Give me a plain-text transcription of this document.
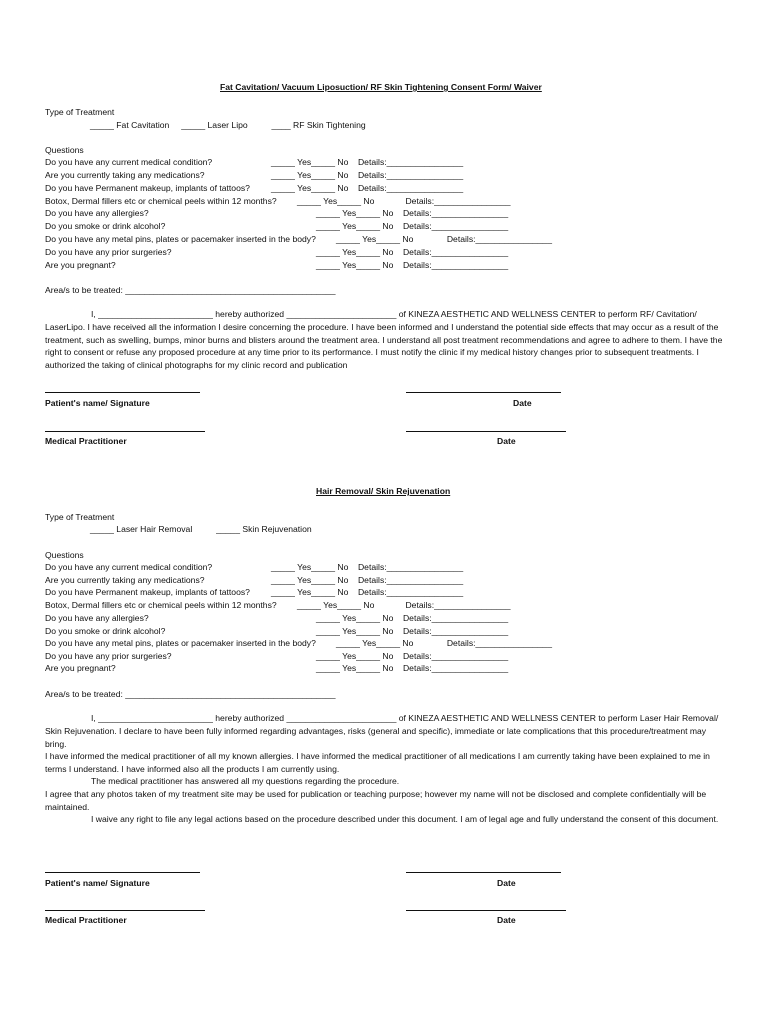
Fat Cavitation/ Vacuum Liposuction/ RF Skin Tightening Consent Form/ Waiver
Type of Treatment
_____ Fat Cavitation     _____ Laser Lipo          ____ RF Skin Tightening
Questions
Do you have any current medical condition?	_____ Yes_____ No    Details:________________
Are you currently taking any medications?	_____ Yes_____ No    Details:________________
Do you have Permanent makeup, implants of tattoos? _____ Yes_____ No    Details:________________
Botox, Dermal fillers etc or chemical peels within 12 months? _____ Yes_____ No             Details:________________
Do you have any allergies?	_____ Yes_____ No    Details:________________
Do you smoke or drink alcohol?	_____ Yes_____ No    Details:________________
Do you have any metal pins, plates or pacemaker inserted in the body? _____ Yes_____ No              Details:________________
Do you have any prior surgeries?	_____ Yes_____ No    Details:________________
Are you pregnant?	_____ Yes_____ No    Details:________________
Area/s to be treated: ____________________________________________
I, ________________________ hereby authorized _______________________ of KINEZA AESTHETIC AND WELLNESS CENTER to perform RF/ Cavitation/ LaserLipo. I have received all the information I desire concerning the procedure. I have been informed and I understand the potential side effects that may occur as a result of the treatment, such as swelling, bumps, minor burns and blisters around the treatment area. I understand all post treatment recommendations and agree to adhere to them. I have the right to consent or refuse any proposed procedure at any time prior to its performance. I must notify the clinic if my medical history changes prior to subsequent treatments. I authorized the taking of clinical photographs for my clinic record and publication
Patient's name/ Signature	Date
Medical Practitioner	Date
Hair Removal/ Skin Rejuvenation
Type of Treatment
_____ Laser Hair Removal          _____ Skin Rejuvenation
Questions
Do you have any current medical condition?	_____ Yes_____ No    Details:________________
Are you currently taking any medications?	_____ Yes_____ No    Details:________________
Do you have Permanent makeup, implants of tattoos? _____ Yes_____ No    Details:________________
Botox, Dermal fillers etc or chemical peels within 12 months? _____ Yes_____ No             Details:________________
Do you have any allergies?	_____ Yes_____ No    Details:________________
Do you smoke or drink alcohol?	_____ Yes_____ No    Details:________________
Do you have any metal pins, plates or pacemaker inserted in the body? _____ Yes_____ No              Details:________________
Do you have any prior surgeries?	_____ Yes_____ No    Details:________________
Are you pregnant?	_____ Yes_____ No    Details:________________
Area/s to be treated: ____________________________________________
I, ________________________ hereby authorized _______________________ of KINEZA AESTHETIC AND WELLNESS CENTER to perform Laser Hair Removal/ Skin Rejuvenation. I declare to have been fully informed regarding advantages, risks (general and specific), immediate or late complications that this procedure/treatment may bring.
I have informed the medical practitioner of all my known allergies. I have informed the medical practitioner of all medications I am currently taking have been explained to me in terms I understand. I have informed also all the products I am currently using.
The medical practitioner has answered all my questions regarding the procedure.
I agree that any photos taken of my treatment site may be used for publication or teaching purpose; however my name will not be disclosed and complete confidentially will be maintained.
I waive any right to file any legal actions based on the procedure described under this document. I am of legal age and fully understand the consent of this document.
Patient's name/ Signature	Date
Medical Practitioner	Date
